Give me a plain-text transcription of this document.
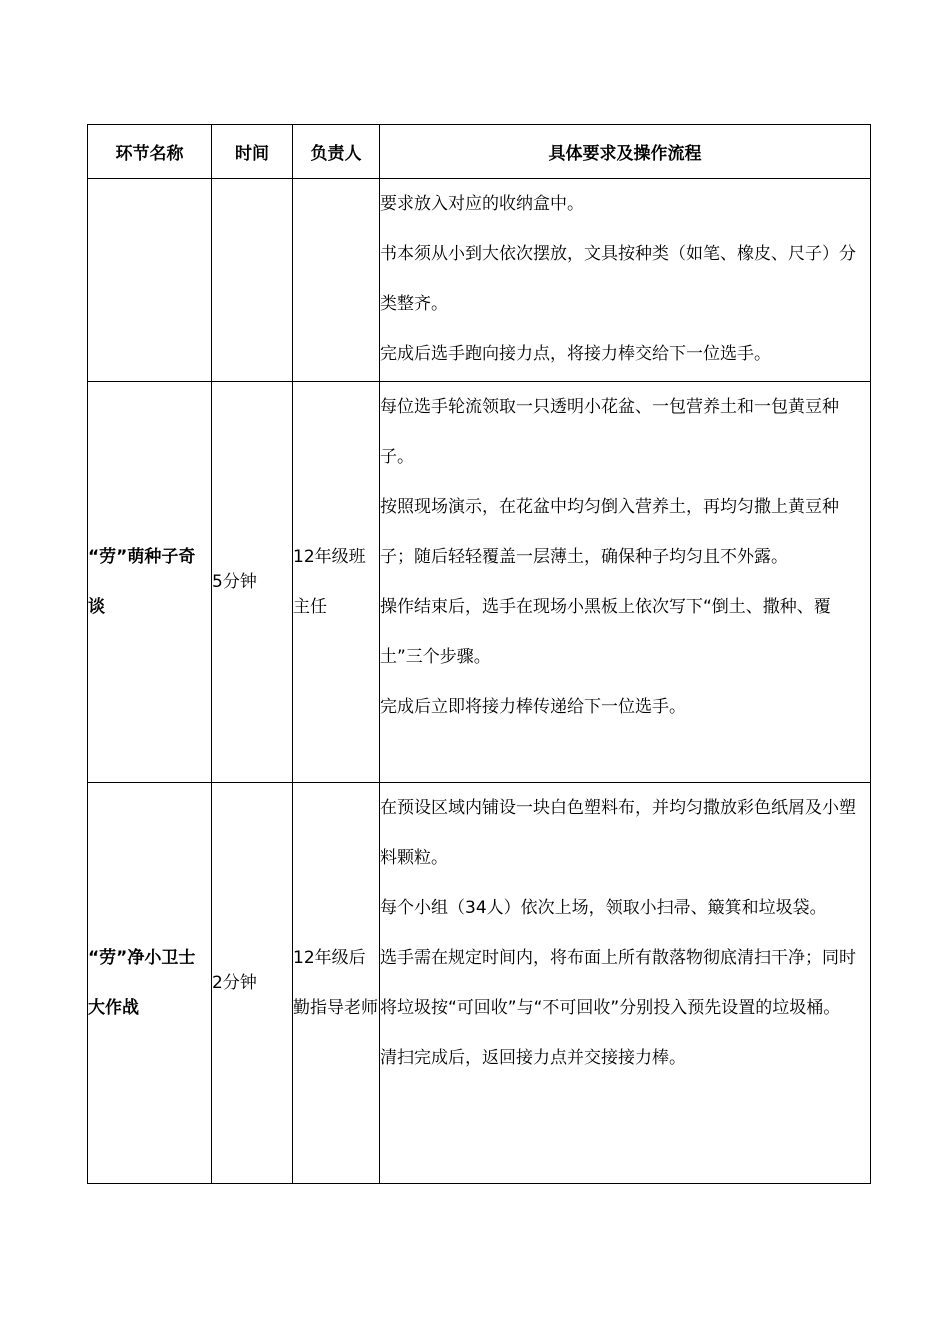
环节名称	时间	负责人	具体要求及操作流程

			要求放入对应的收纳盒中。

书本须从小到大依次摆放，文具按种类（如笔、橡皮、尺子）分类整齐。

完成后选手跑向接力点，将接力棒交给下一位选手。

“劳”萌种子奇谈	5分钟	12年级班主任	每位选手轮流领取一只透明小花盆、一包营养土和一包黄豆种子。

按照现场演示，在花盆中均匀倒入营养土，再均匀撒上黄豆种子；随后轻轻覆盖一层薄土，确保种子均匀且不外露。

操作结束后，选手在现场小黑板上依次写下“倒土、撒种、覆土”三个步骤。

完成后立即将接力棒传递给下一位选手。

“劳”净小卫士大作战	2分钟	12年级后勤指导老师	在预设区域内铺设一块白色塑料布，并均匀撒放彩色纸屑及小塑料颗粒。

每个小组（34人）依次上场，领取小扫帚、簸箕和垃圾袋。

选手需在规定时间内，将布面上所有散落物彻底清扫干净；同时将垃圾按“可回收”与“不可回收”分别投入预先设置的垃圾桶。

清扫完成后，返回接力点并交接接力棒。
